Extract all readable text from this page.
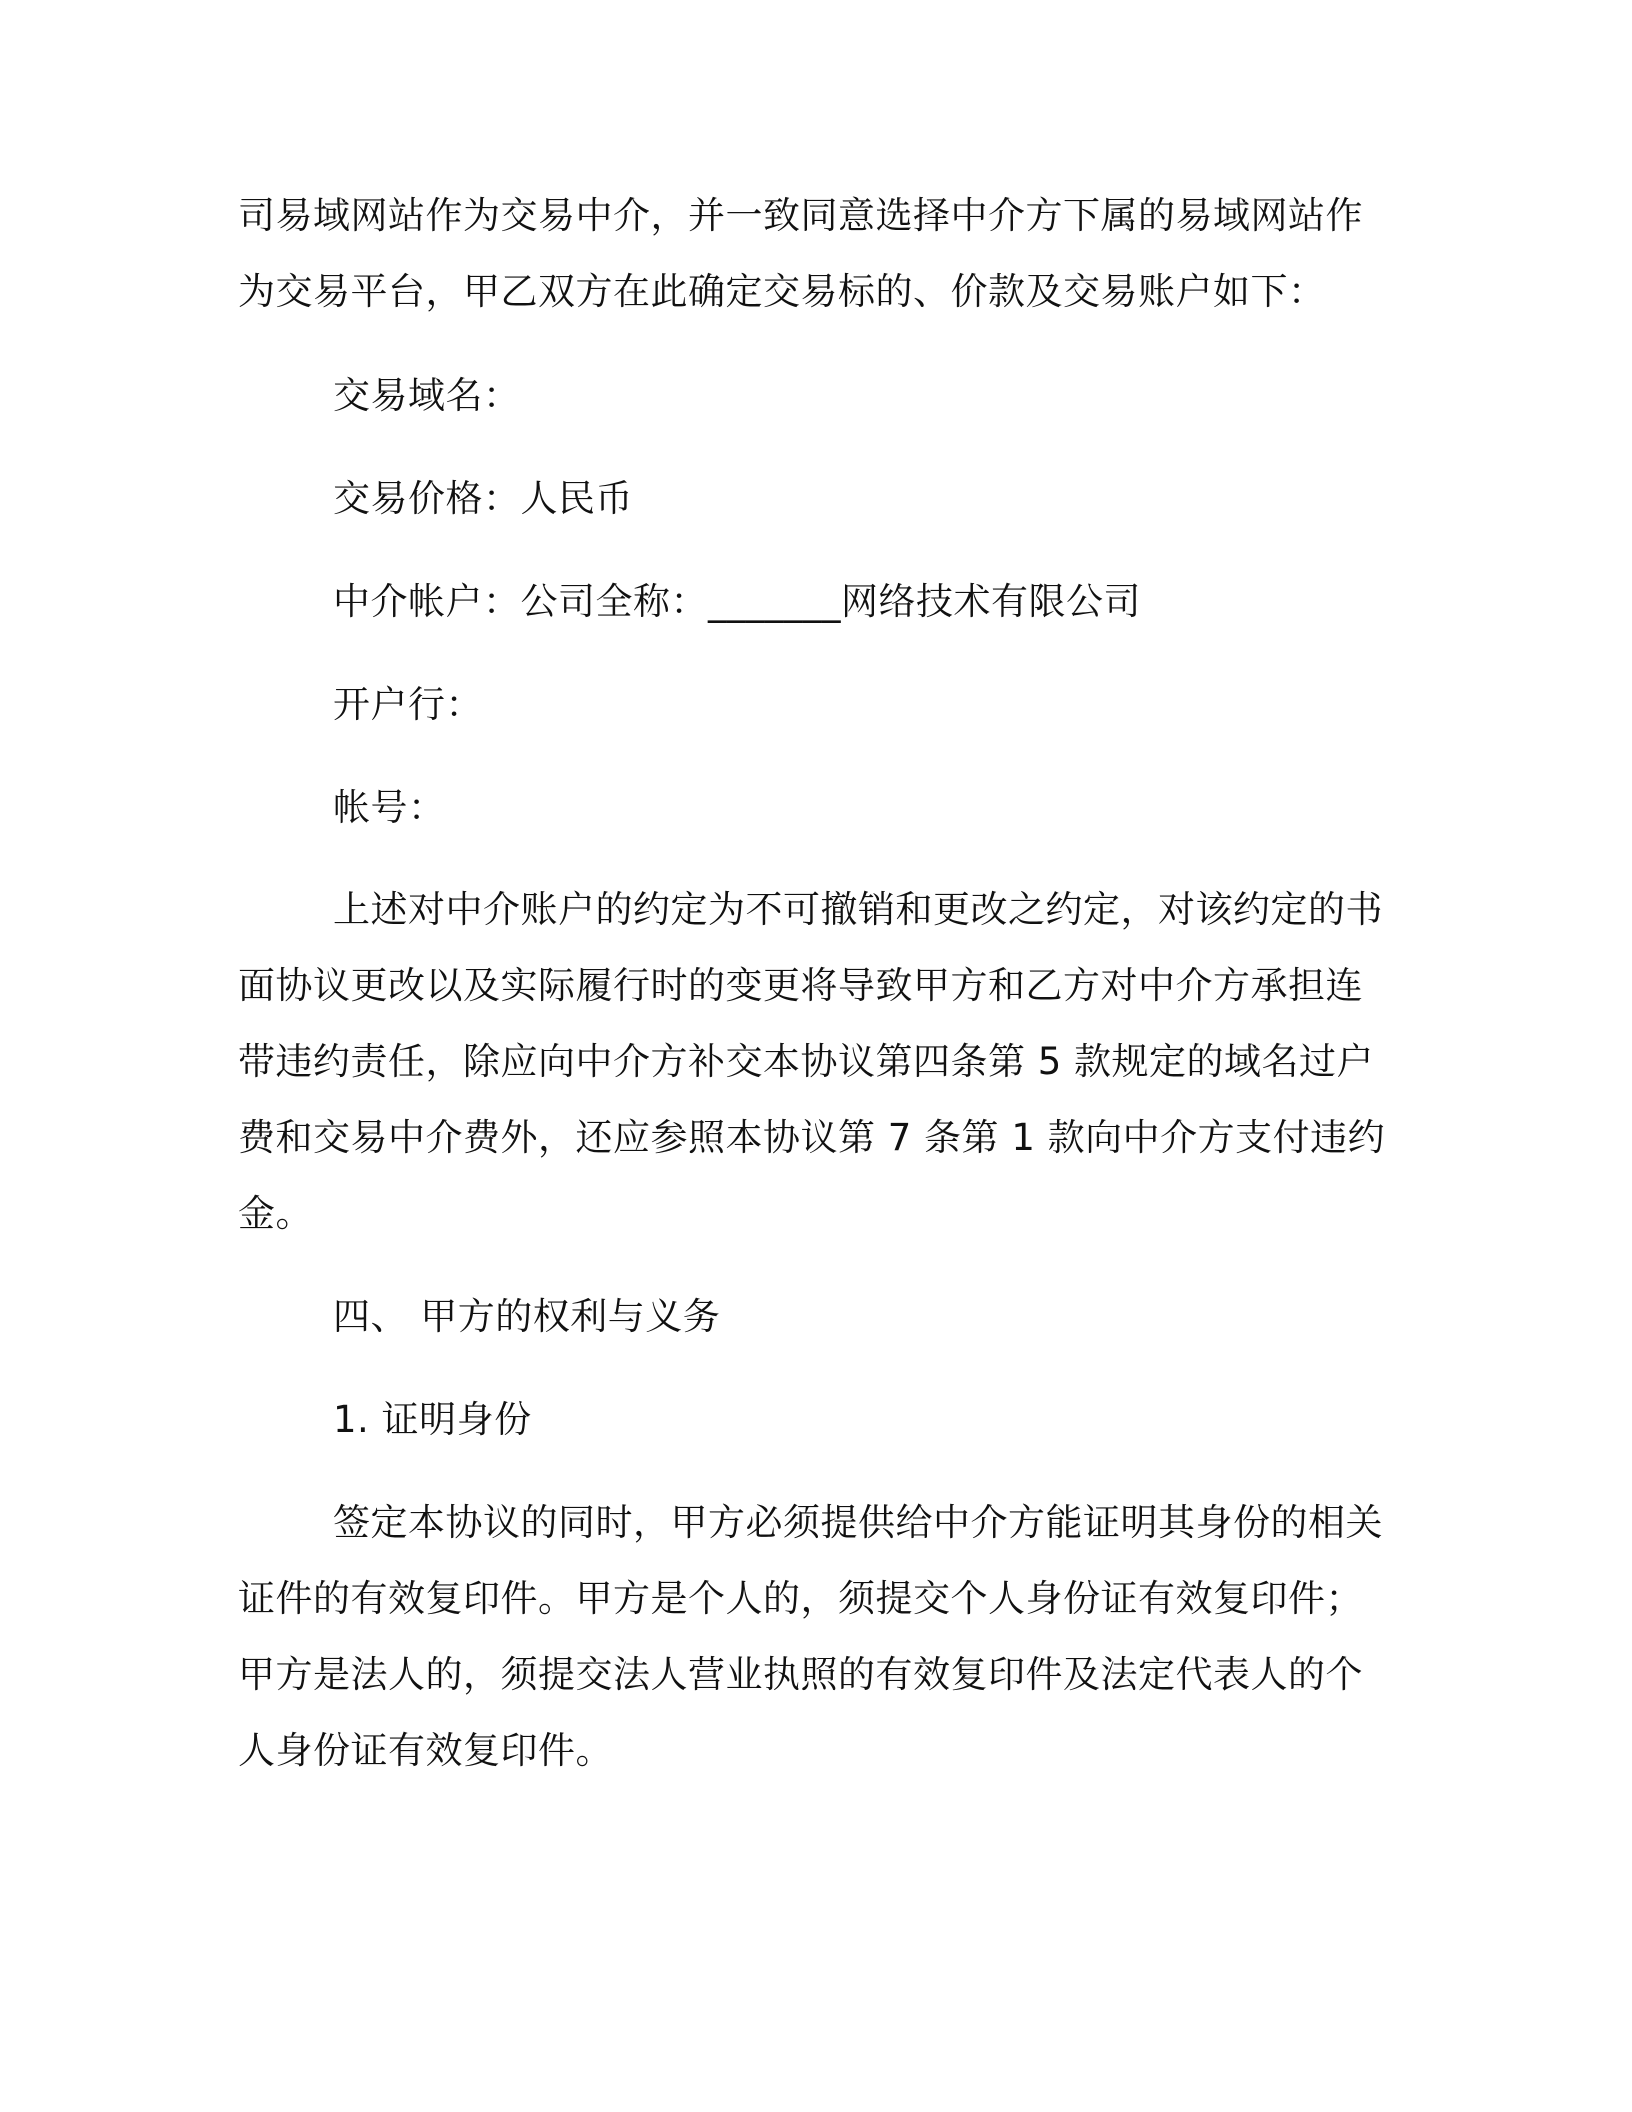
司易域网站作为交易中介，并一致同意选择中介方下属的易域网站作
为交易平台，甲乙双方在此确定交易标的、价款及交易账户如下：
交易域名：
交易价格：人民币
中介帐户：公司全称：_______网络技术有限公司
开户行：
帐号：
上述对中介账户的约定为不可撤销和更改之约定，对该约定的书
面协议更改以及实际履行时的变更将导致甲方和乙方对中介方承担连
带违约责任，除应向中介方补交本协议第四条第 5 款规定的域名过户
费和交易中介费外，还应参照本协议第 7 条第 1 款向中介方支付违约
金。
四、 甲方的权利与义务
1. 证明身份
签定本协议的同时，甲方必须提供给中介方能证明其身份的相关
证件的有效复印件。甲方是个人的，须提交个人身份证有效复印件；
甲方是法人的，须提交法人营业执照的有效复印件及法定代表人的个
人身份证有效复印件。
